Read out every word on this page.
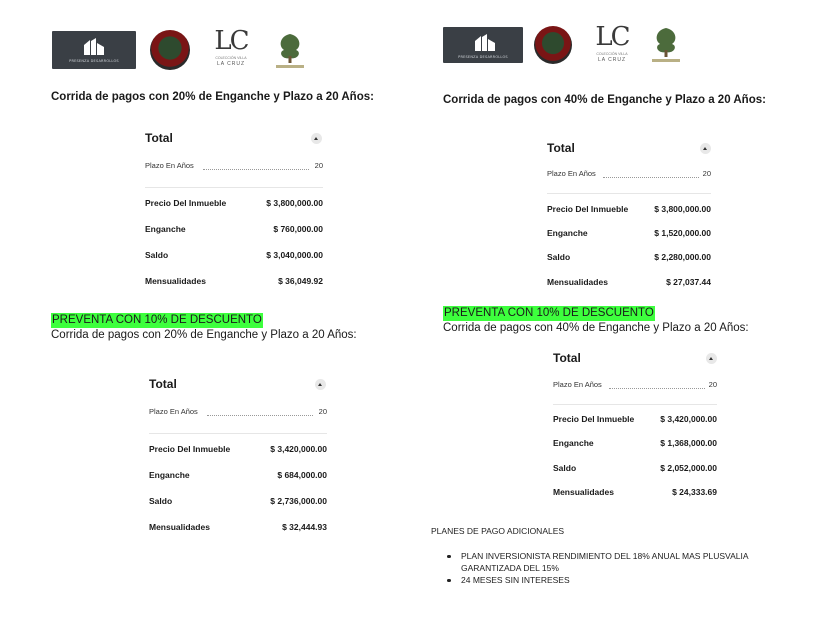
PRESENZA DESARROLLOS
LC
COLECCIÓN VILLA
LA CRUZ
Corrida de pagos con 20% de Enganche y Plazo a 20 Años:
Total
Plazo En Años	20
Precio Del Inmueble	$ 3,800,000.00
Enganche	$ 760,000.00
Saldo	$ 3,040,000.00
Mensualidades	$ 36,049.92
PREVENTA CON 10% DE DESCUENTO
Corrida de pagos con 20% de Enganche y Plazo a 20 Años:
Total
Plazo En Años	20
Precio Del Inmueble	$ 3,420,000.00
Enganche	$ 684,000.00
Saldo	$ 2,736,000.00
Mensualidades	$ 32,444.93
PRESENZA DESARROLLOS
LC
COLECCIÓN VILLA
LA CRUZ
Corrida de pagos con 40% de Enganche y Plazo a 20 Años:
Total
Plazo En Años	20
Precio Del Inmueble	$ 3,800,000.00
Enganche	$ 1,520,000.00
Saldo	$ 2,280,000.00
Mensualidades	$ 27,037.44
PREVENTA CON 10% DE DESCUENTO
Corrida de pagos con 40% de Enganche y Plazo a 20 Años:
Total
Plazo En Años	20
Precio Del Inmueble	$ 3,420,000.00
Enganche	$ 1,368,000.00
Saldo	$ 2,052,000.00
Mensualidades	$ 24,333.69
PLANES DE PAGO ADICIONALES
PLAN INVERSIONISTA RENDIMIENTO DEL 18% ANUAL MAS PLUSVALIA GARANTIZADA DEL 15%
24 MESES SIN INTERESES
